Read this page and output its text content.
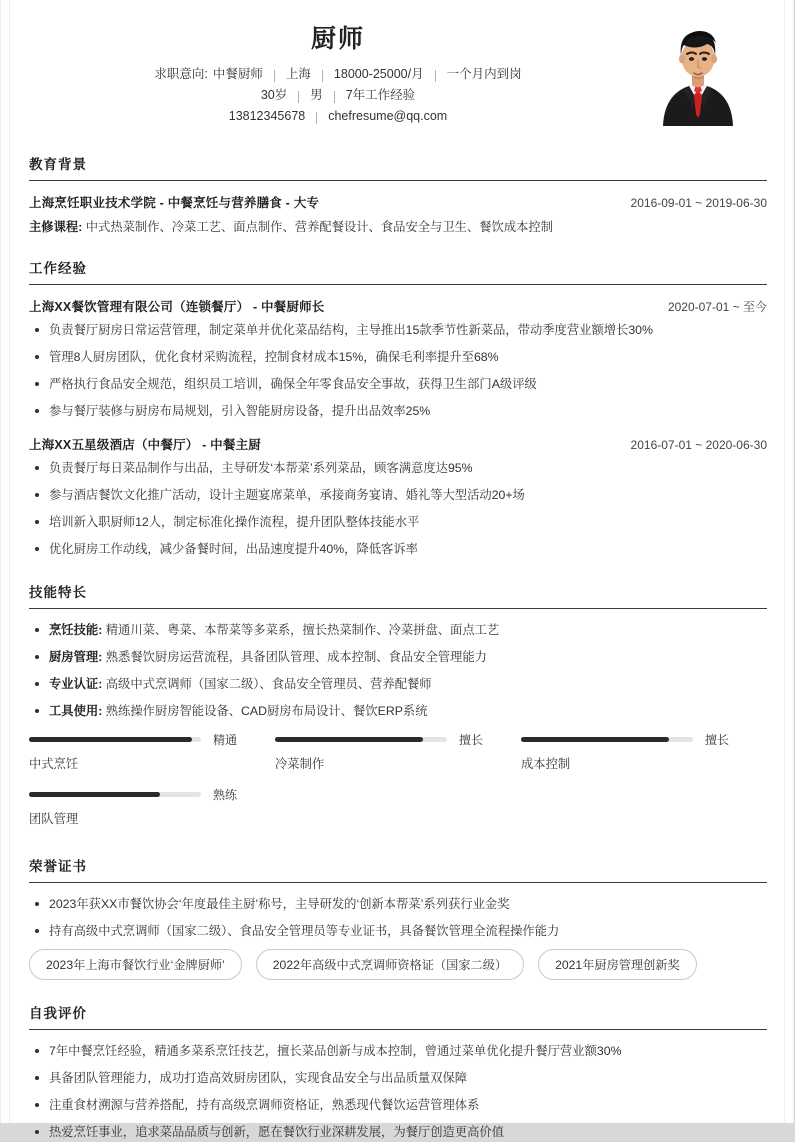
厨师
求职意向: 中餐厨师 上海 18000-25000/月 一个月内到岗
30岁 男 7年工作经验
13812345678 chefresume@qq.com
教育背景
上海烹饪职业技术学院 - 中餐烹饪与营养膳食 - 大专	2016-09-01 ~ 2019-06-30
主修课程: 中式热菜制作、冷菜工艺、面点制作、营养配餐设计、食品安全与卫生、餐饮成本控制
工作经验
上海XX餐饮管理有限公司（连锁餐厅） - 中餐厨师长	2020-07-01 ~ 至今
负责餐厅厨房日常运营管理，制定菜单并优化菜品结构，主导推出15款季节性新菜品，带动季度营业额增长30%
管理8人厨房团队，优化食材采购流程，控制食材成本15%，确保毛利率提升至68%
严格执行食品安全规范，组织员工培训，确保全年零食品安全事故，获得卫生部门A级评级
参与餐厅装修与厨房布局规划，引入智能厨房设备，提升出品效率25%
上海XX五星级酒店（中餐厅） - 中餐主厨	2016-07-01 ~ 2020-06-30
负责餐厅每日菜品制作与出品，主导研发‘本帮菜’系列菜品，顾客满意度达95%
参与酒店餐饮文化推广活动，设计主题宴席菜单，承接商务宴请、婚礼等大型活动20+场
培训新入职厨师12人，制定标准化操作流程，提升团队整体技能水平
优化厨房工作动线，减少备餐时间，出品速度提升40%，降低客诉率
技能特长
烹饪技能: 精通川菜、粤菜、本帮菜等多菜系，擅长热菜制作、冷菜拼盘、面点工艺
厨房管理: 熟悉餐饮厨房运营流程，具备团队管理、成本控制、食品安全管理能力
专业认证: 高级中式烹调师（国家二级）、食品安全管理员、营养配餐师
工具使用: 熟练操作厨房智能设备、CAD厨房布局设计、餐饮ERP系统
精通
中式烹饪
擅长
冷菜制作
擅长
成本控制
熟练
团队管理
荣誉证书
2023年获XX市餐饮协会‘年度最佳主厨’称号，主导研发的‘创新本帮菜’系列获行业金奖
持有高级中式烹调师（国家二级）、食品安全管理员等专业证书，具备餐饮管理全流程操作能力
2023年上海市餐饮行业‘金牌厨师’	2022年高级中式烹调师资格证（国家二级）	2021年厨房管理创新奖
自我评价
7年中餐烹饪经验，精通多菜系烹饪技艺，擅长菜品创新与成本控制，曾通过菜单优化提升餐厅营业额30%
具备团队管理能力，成功打造高效厨房团队，实现食品安全与出品质量双保障
注重食材溯源与营养搭配，持有高级烹调师资格证，熟悉现代餐饮运营管理体系
热爱烹饪事业，追求菜品品质与创新，愿在餐饮行业深耕发展，为餐厅创造更高价值
